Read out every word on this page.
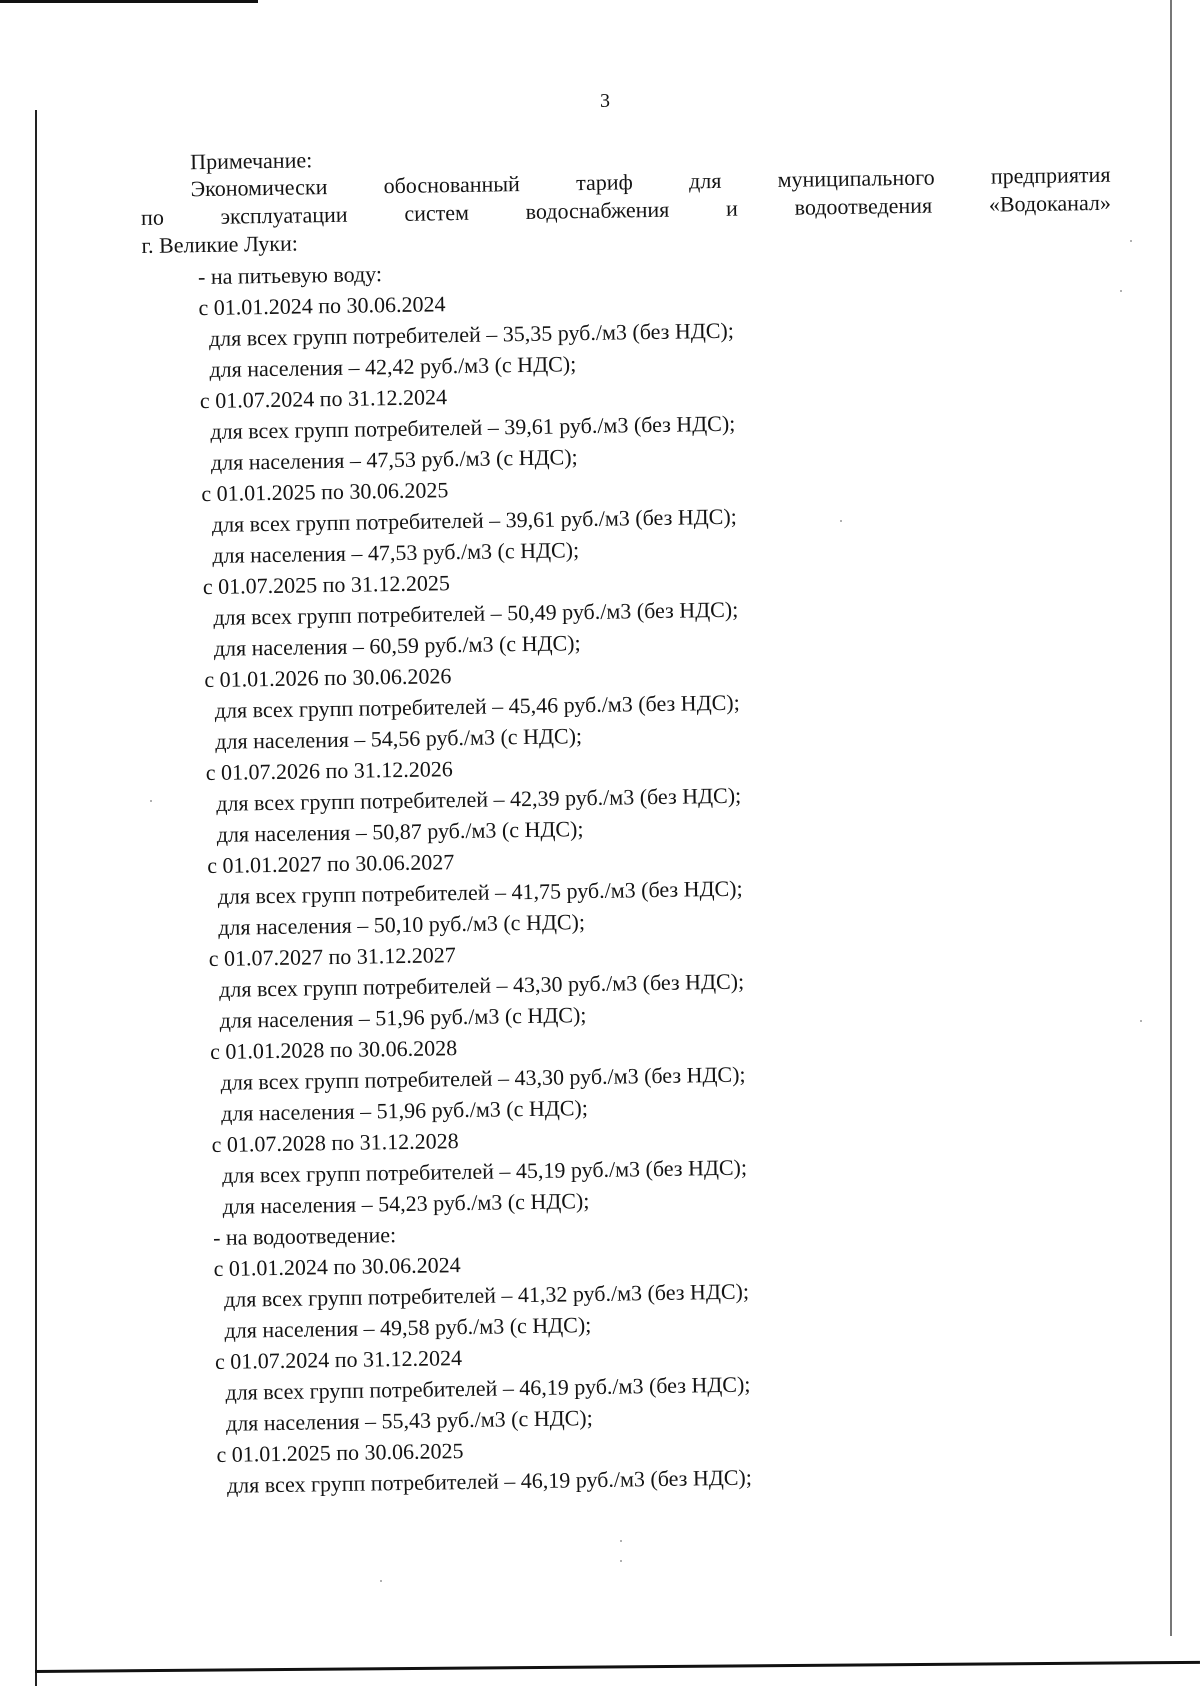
3
Примечание:
Экономически	обоснованный	тариф	для	муниципального	предприятия
по	эксплуатации	систем	водоснабжения	и	водоотведения	«Водоканал»
г. Великие Луки:
- на питьевую воду:
с 01.01.2024 по 30.06.2024
для всех групп потребителей – 35,35 руб./м3 (без НДС);
для населения – 42,42 руб./м3 (с НДС);
с 01.07.2024 по 31.12.2024
для всех групп потребителей – 39,61 руб./м3 (без НДС);
для населения – 47,53 руб./м3 (с НДС);
с 01.01.2025 по 30.06.2025
для всех групп потребителей – 39,61 руб./м3 (без НДС);
для населения – 47,53 руб./м3 (с НДС);
с 01.07.2025 по 31.12.2025
для всех групп потребителей – 50,49 руб./м3 (без НДС);
для населения – 60,59 руб./м3 (с НДС);
с 01.01.2026 по 30.06.2026
для всех групп потребителей – 45,46 руб./м3 (без НДС);
для населения – 54,56 руб./м3 (с НДС);
с 01.07.2026 по 31.12.2026
для всех групп потребителей – 42,39 руб./м3 (без НДС);
для населения – 50,87 руб./м3 (с НДС);
с 01.01.2027 по 30.06.2027
для всех групп потребителей – 41,75 руб./м3 (без НДС);
для населения – 50,10 руб./м3 (с НДС);
с 01.07.2027 по 31.12.2027
для всех групп потребителей – 43,30 руб./м3 (без НДС);
для населения – 51,96 руб./м3 (с НДС);
с 01.01.2028 по 30.06.2028
для всех групп потребителей – 43,30 руб./м3 (без НДС);
для населения – 51,96 руб./м3 (с НДС);
с 01.07.2028 по 31.12.2028
для всех групп потребителей – 45,19 руб./м3 (без НДС);
для населения – 54,23 руб./м3 (с НДС);
- на водоотведение:
с 01.01.2024 по 30.06.2024
для всех групп потребителей – 41,32 руб./м3 (без НДС);
для населения – 49,58 руб./м3 (с НДС);
с 01.07.2024 по 31.12.2024
для всех групп потребителей – 46,19 руб./м3 (без НДС);
для населения – 55,43 руб./м3 (с НДС);
с 01.01.2025 по 30.06.2025
для всех групп потребителей – 46,19 руб./м3 (без НДС);
